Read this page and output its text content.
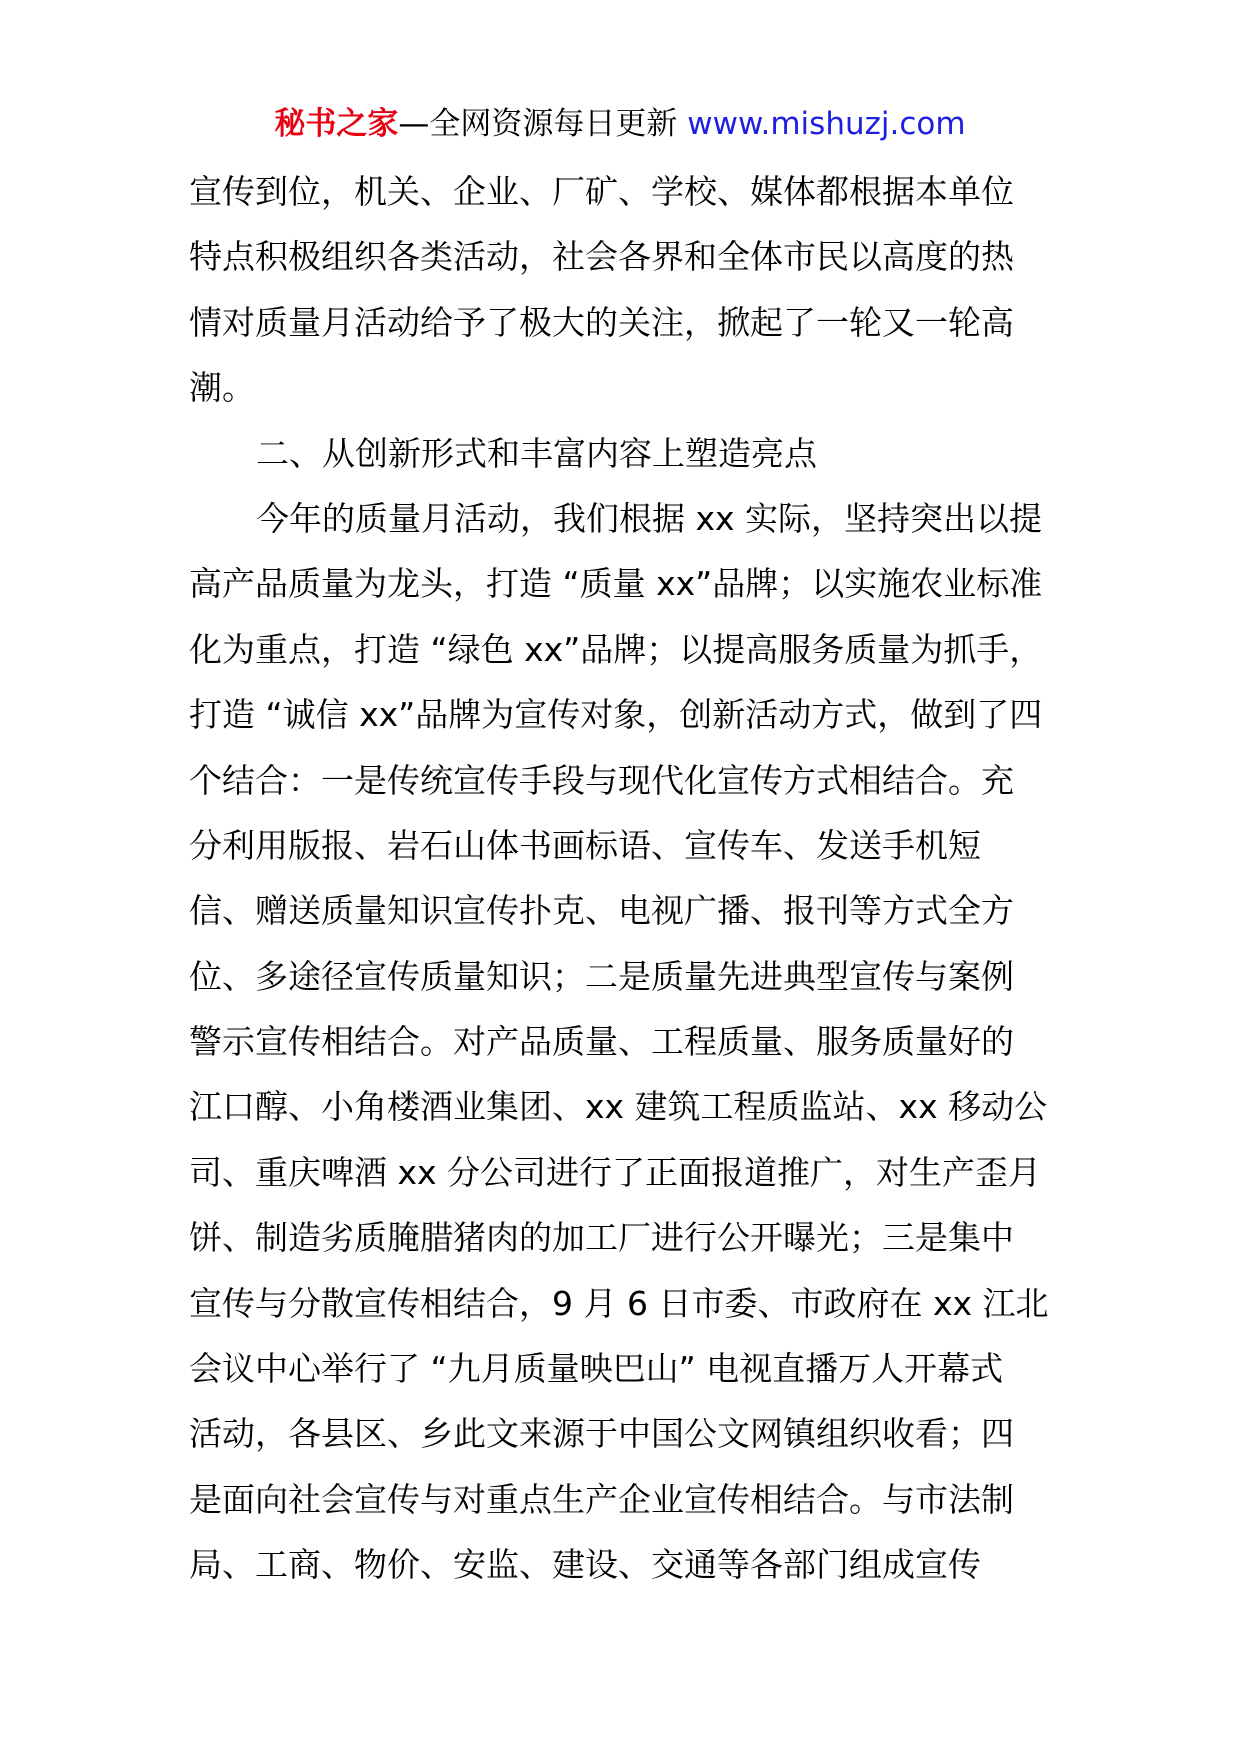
秘书之家—全网资源每日更新 www.mishuzj.com
宣传到位，机关、企业、厂矿、学校、媒体都根据本单位
特点积极组织各类活动，社会各界和全体市民以高度的热
情对质量月活动给予了极大的关注，掀起了一轮又一轮高
潮。
二、从创新形式和丰富内容上塑造亮点
今年的质量月活动，我们根据 xx 实际，坚持突出以提
高产品质量为龙头，打造 “质量 xx”品牌；以实施农业标准
化为重点，打造 “绿色 xx”品牌；以提高服务质量为抓手，
打造 “诚信 xx”品牌为宣传对象，创新活动方式，做到了四
个结合：一是传统宣传手段与现代化宣传方式相结合。充
分利用版报、岩石山体书画标语、宣传车、发送手机短
信、赠送质量知识宣传扑克、电视广播、报刊等方式全方
位、多途径宣传质量知识；二是质量先进典型宣传与案例
警示宣传相结合。对产品质量、工程质量、服务质量好的
江口醇、小角楼酒业集团、xx 建筑工程质监站、xx 移动公
司、重庆啤酒 xx 分公司进行了正面报道推广，对生产歪月
饼、制造劣质腌腊猪肉的加工厂进行公开曝光；三是集中
宣传与分散宣传相结合，9 月 6 日市委、市政府在 xx 江北
会议中心举行了 “九月质量映巴山” 电视直播万人开幕式
活动，各县区、乡此文来源于中国公文网镇组织收看；四
是面向社会宣传与对重点生产企业宣传相结合。与市法制
局、工商、物价、安监、建设、交通等各部门组成宣传
